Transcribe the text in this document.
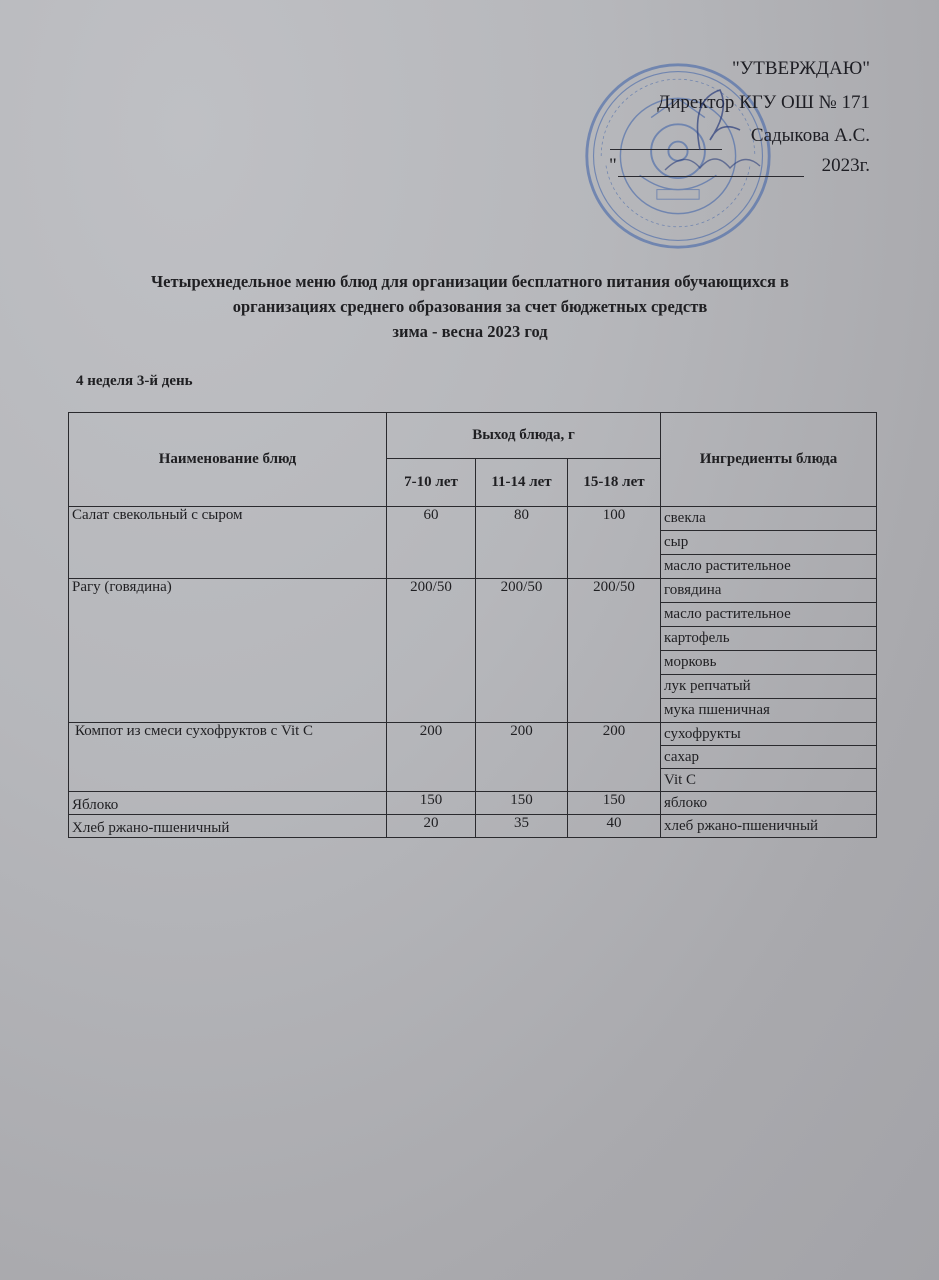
"УТВЕРЖДАЮ"
Директор КГУ ОШ № 171
Садыкова А.С.
2023г.
"
Четырехнедельное меню блюд для организации бесплатного питания обучающихся в
организациях среднего образования за счет бюджетных средств
зима - весна 2023 год
4 неделя 3-й день
Наименование блюд	Выход блюда, г			Ингредиенты блюда
	7-10 лет	11-14 лет	15-18 лет	
Салат свекольный с сыром	60	80	100	свекла
				сыр
				масло растительное
Рагу (говядина)	200/50	200/50	200/50	говядина
				масло растительное
				картофель
				морковь
				лук репчатый
				мука пшеничная
Компот из смеси сухофруктов с Vit C	200	200	200	сухофрукты
				сахар
				Vit C
Яблоко	150	150	150	яблоко
Хлеб ржано-пшеничный	20	35	40	хлеб ржано-пшеничный
